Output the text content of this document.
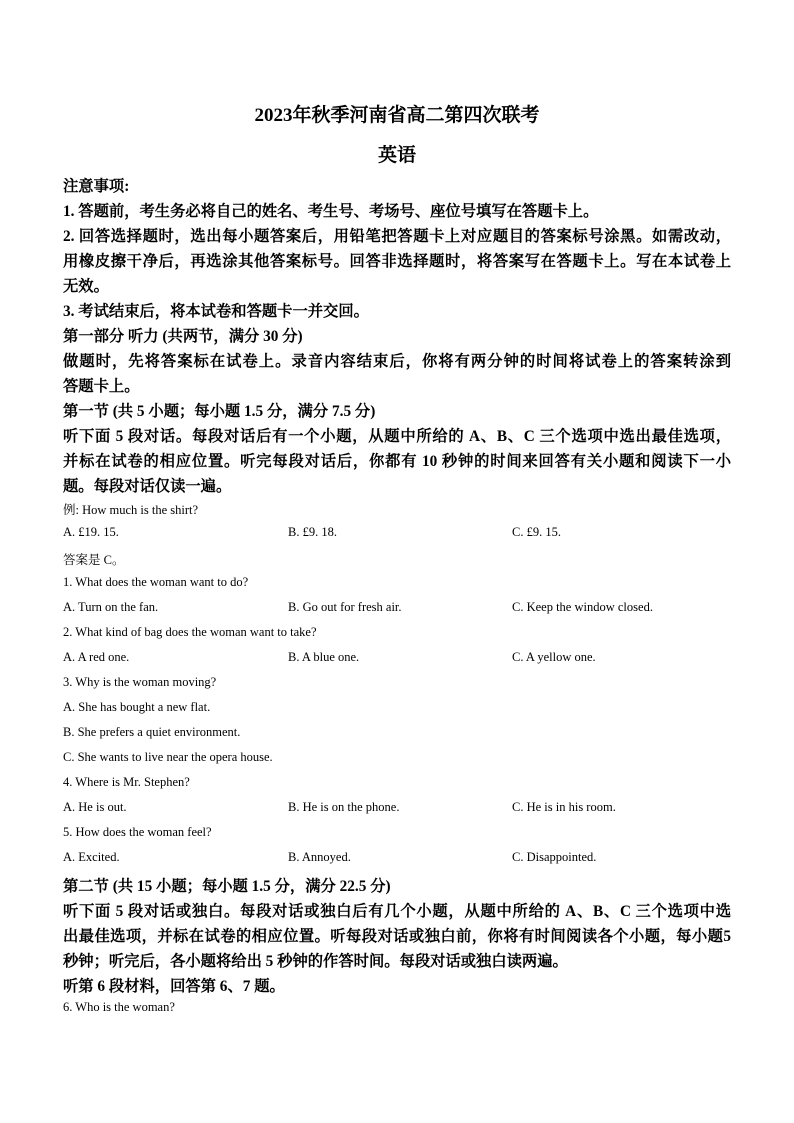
2023年秋季河南省高二第四次联考
英语
注意事项:
1. 答题前，考生务必将自己的姓名、考生号、考场号、座位号填写在答题卡上。
2. 回答选择题时，选出每小题答案后，用铅笔把答题卡上对应题目的答案标号涂黑。如需改动，
用橡皮擦干净后，再选涂其他答案标号。回答非选择题时，将答案写在答题卡上。写在本试卷上
无效。
3. 考试结束后，将本试卷和答题卡一并交回。
第一部分 听力 (共两节，满分 30 分)
做题时，先将答案标在试卷上。录音内容结束后，你将有两分钟的时间将试卷上的答案转涂到
答题卡上。
第一节 (共 5 小题；每小题 1.5 分，满分 7.5 分)
听下面 5 段对话。每段对话后有一个小题，从题中所给的 A、B、C 三个选项中选出最佳选项，
并标在试卷的相应位置。听完每段对话后，你都有 10 秒钟的时间来回答有关小题和阅读下一小
题。每段对话仅读一遍。
例: How much is the shirt?
A. £19. 15.	B. £9. 18.	C. £9. 15.
答案是 C。
1. What does the woman want to do?
A. Turn on the fan.	B. Go out for fresh air.	C. Keep the window closed.
2. What kind of bag does the woman want to take?
A. A red one.	B. A blue one.	C. A yellow one.
3. Why is the woman moving?
A. She has bought a new flat.
B. She prefers a quiet environment.
C. She wants to live near the opera house.
4. Where is Mr. Stephen?
A. He is out.	B. He is on the phone.	C. He is in his room.
5. How does the woman feel?
A. Excited.	B. Annoyed.	C. Disappointed.
第二节 (共 15 小题；每小题 1.5 分，满分 22.5 分)
听下面 5 段对话或独白。每段对话或独白后有几个小题，从题中所给的 A、B、C 三个选项中选
出最佳选项，并标在试卷的相应位置。听每段对话或独白前，你将有时间阅读各个小题，每小题5
秒钟；听完后，各小题将给出 5 秒钟的作答时间。每段对话或独白读两遍。
听第 6 段材料，回答第 6、7 题。
6. Who is the woman?
